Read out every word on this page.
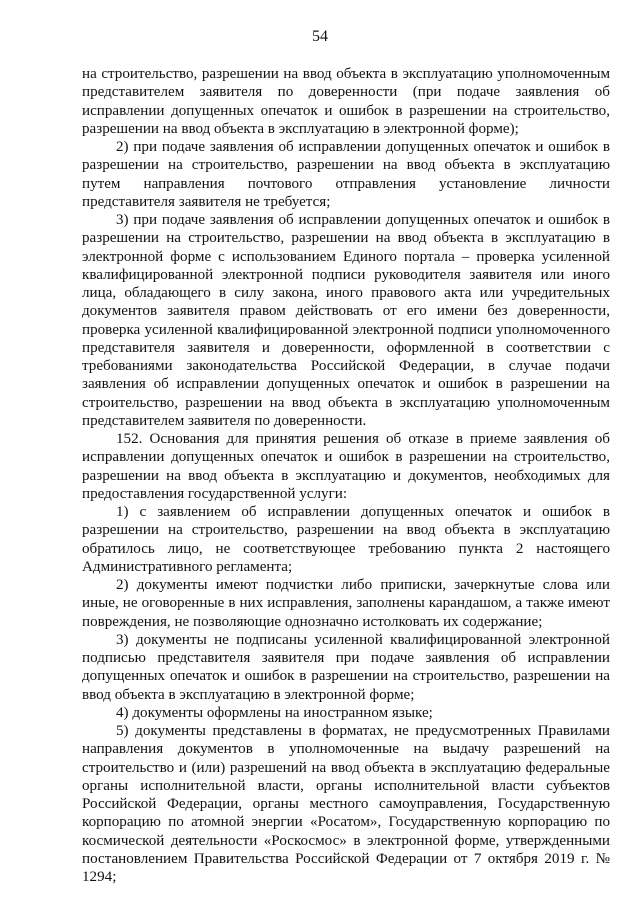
54

на строительство, разрешении на ввод объекта в эксплуатацию уполномоченным представителем заявителя по доверенности (при подаче заявления об исправлении допущенных опечаток и ошибок в разрешении на строительство, разрешении на ввод объекта в эксплуатацию в электронной форме);

2) при подаче заявления об исправлении допущенных опечаток и ошибок в разрешении на строительство, разрешении на ввод объекта в эксплуатацию путем направления почтового отправления установление личности представителя заявителя не требуется;

3) при подаче заявления об исправлении допущенных опечаток и ошибок в разрешении на строительство, разрешении на ввод объекта в эксплуатацию в электронной форме с использованием Единого портала – проверка усиленной квалифицированной электронной подписи руководителя заявителя или иного лица, обладающего в силу закона, иного правового акта или учредительных документов заявителя правом действовать от его имени без доверенности, проверка усиленной квалифицированной электронной подписи уполномоченного представителя заявителя и доверенности, оформленной в соответствии с требованиями законодательства Российской Федерации, в случае подачи заявления об исправлении допущенных опечаток и ошибок в разрешении на строительство, разрешении на ввод объекта в эксплуатацию уполномоченным представителем заявителя по доверенности.

152. Основания для принятия решения об отказе в приеме заявления об исправлении допущенных опечаток и ошибок в разрешении на строительство, разрешении на ввод объекта в эксплуатацию и документов, необходимых для предоставления государственной услуги:

1) с заявлением об исправлении допущенных опечаток и ошибок в разрешении на строительство, разрешении на ввод объекта в эксплуатацию обратилось лицо, не соответствующее требованию пункта 2 настоящего Административного регламента;

2) документы имеют подчистки либо приписки, зачеркнутые слова или иные, не оговоренные в них исправления, заполнены карандашом, а также имеют повреждения, не позволяющие однозначно истолковать их содержание;

3) документы не подписаны усиленной квалифицированной электронной подписью представителя заявителя при подаче заявления об исправлении допущенных опечаток и ошибок в разрешении на строительство, разрешении на ввод объекта в эксплуатацию в электронной форме;

4) документы оформлены на иностранном языке;

5) документы представлены в форматах, не предусмотренных Правилами направления документов в уполномоченные на выдачу разрешений на строительство и (или) разрешений на ввод объекта в эксплуатацию федеральные органы исполнительной власти, органы исполнительной власти субъектов Российской Федерации, органы местного самоуправления, Государственную корпорацию по атомной энергии «Росатом», Государственную корпорацию по космической деятельности «Роскосмос» в электронной форме, утвержденными постановлением Правительства Российской Федерации от 7 октября 2019 г. № 1294;
